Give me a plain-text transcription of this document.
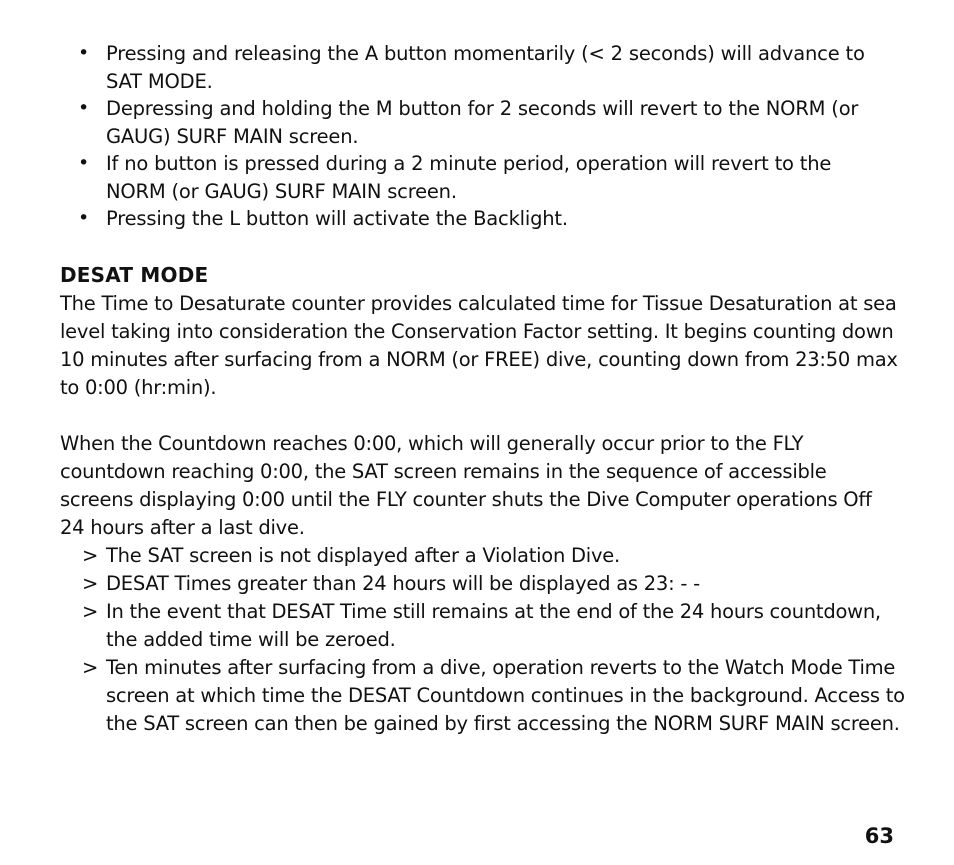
• Pressing and releasing the A button momentarily (< 2 seconds) will advance to SAT MODE.
• Depressing and holding the M button for 2 seconds will revert to the NORM (or GAUG) SURF MAIN screen.
• If no button is pressed during a 2 minute period, operation will revert to the NORM (or GAUG) SURF MAIN screen.
• Pressing the L button will activate the Backlight.
DESAT MODE

The Time to Desaturate counter provides calculated time for Tissue Desaturation at sea level taking into consideration the Conservation Factor setting. It begins counting down 10 minutes after surfacing from a NORM (or FREE) dive, counting down from 23:50 max to 0:00 (hr:min).

When the Countdown reaches 0:00, which will generally occur prior to the FLY countdown reaching 0:00, the SAT screen remains in the sequence of accessible screens displaying 0:00 until the FLY counter shuts the Dive Computer operations Off 24 hours after a last dive.

> The SAT screen is not displayed after a Violation Dive.
> DESAT Times greater than 24 hours will be displayed as 23: - -
> In the event that DESAT Time still remains at the end of the 24 hours countdown, the added time will be zeroed.
> Ten minutes after surfacing from a dive, operation reverts to the Watch Mode Time screen at which time the DESAT Countdown continues in the background. Access to the SAT screen can then be gained by first accessing the NORM SURF MAIN screen.
63
